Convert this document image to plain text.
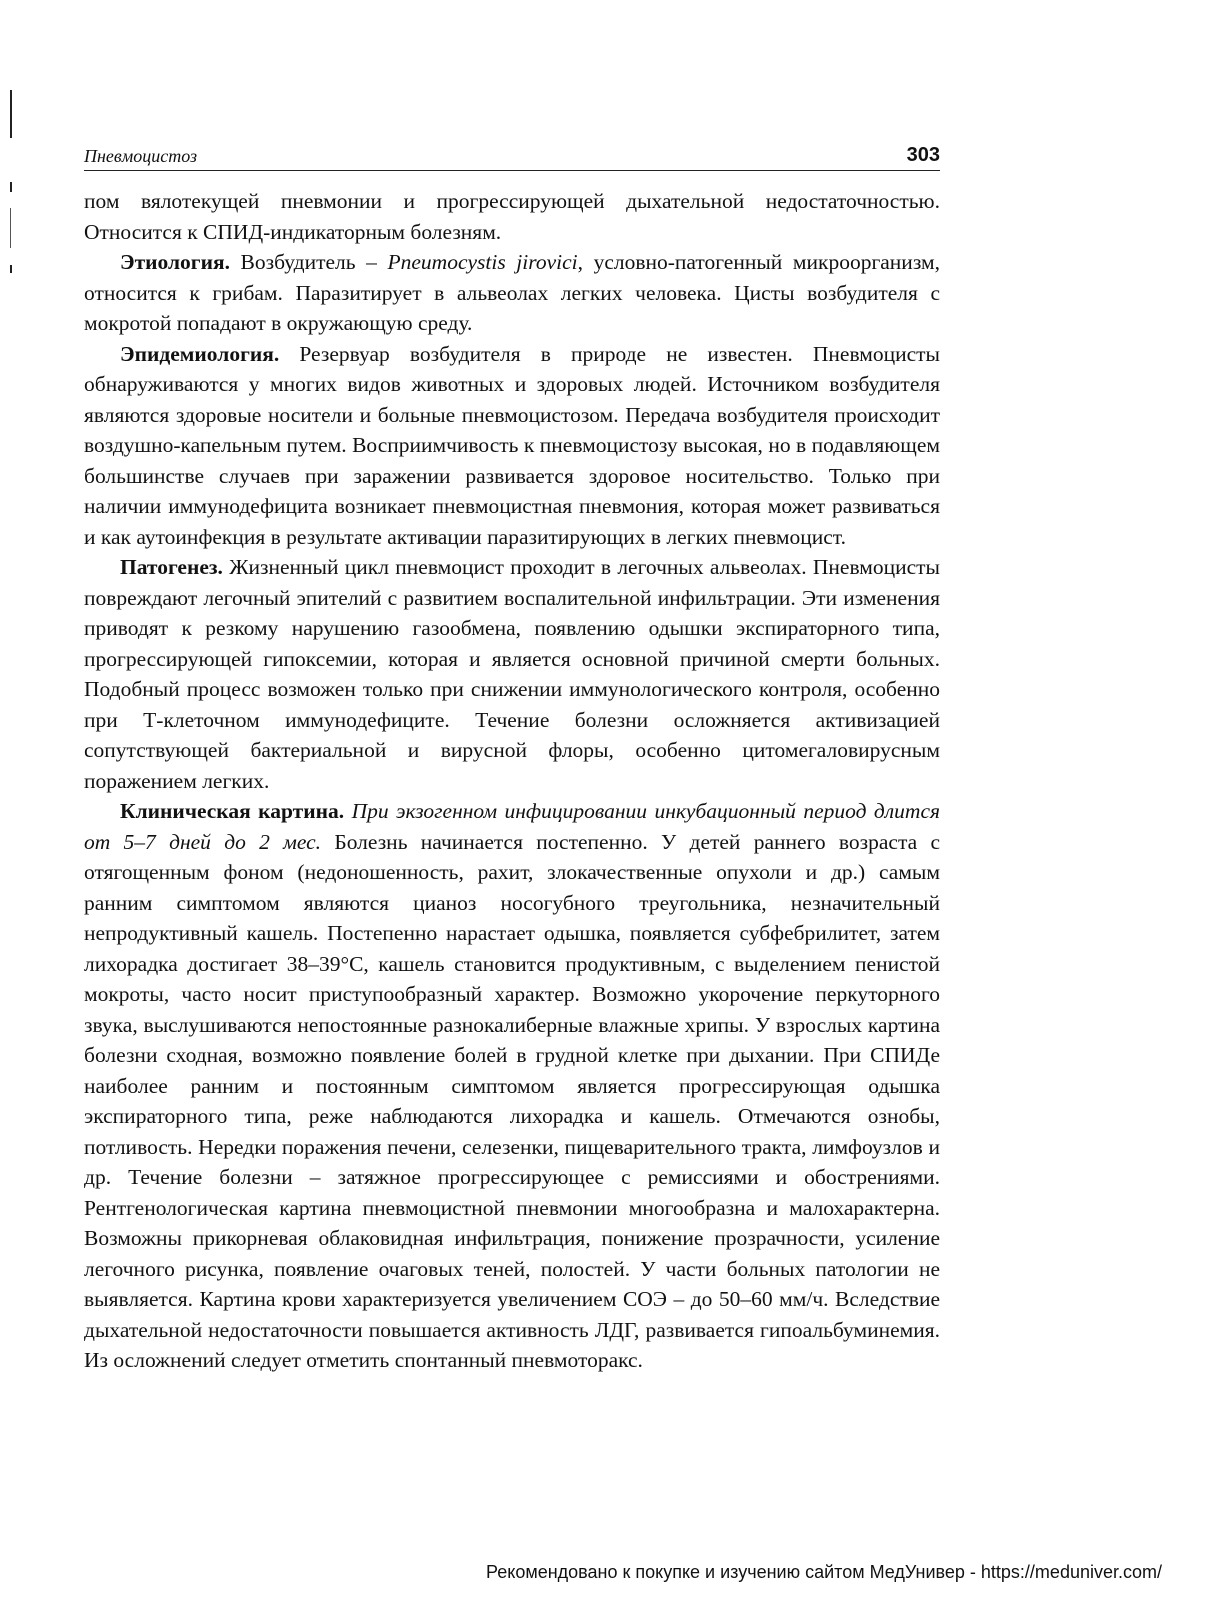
Пневмоцистоз	303

пом вялотекущей пневмонии и прогрессирующей дыхательной недостаточностью. Относится к СПИД-индикаторным болезням.

Этиология. Возбудитель – Pneumocystis jirovici, условно-патогенный микроорганизм, относится к грибам. Паразитирует в альвеолах легких человека. Цисты возбудителя с мокротой попадают в окружающую среду.

Эпидемиология. Резервуар возбудителя в природе не известен. Пневмоцисты обнаруживаются у многих видов животных и здоровых людей. Источником возбудителя являются здоровые носители и больные пневмоцистозом. Передача возбудителя происходит воздушно-капельным путем. Восприимчивость к пневмоцистозу высокая, но в подавляющем большинстве случаев при заражении развивается здоровое носительство. Только при наличии иммунодефицита возникает пневмоцистная пневмония, которая может развиваться и как аутоинфекция в результате активации паразитирующих в легких пневмоцист.

Патогенез. Жизненный цикл пневмоцист проходит в легочных альвеолах. Пневмоцисты повреждают легочный эпителий с развитием воспалительной инфильтрации. Эти изменения приводят к резкому нарушению газообмена, появлению одышки экспираторного типа, прогрессирующей гипоксемии, которая и является основной причиной смерти больных. Подобный процесс возможен только при снижении иммунологического контроля, особенно при Т-клеточном иммунодефиците. Течение болезни осложняется активизацией сопутствующей бактериальной и вирусной флоры, особенно цитомегаловирусным поражением легких.

Клиническая картина. При экзогенном инфицировании инкубационный период длится от 5–7 дней до 2 мес. Болезнь начинается постепенно. У детей раннего возраста с отягощенным фоном (недоношенность, рахит, злокачественные опухоли и др.) самым ранним симптомом являются цианоз носогубного треугольника, незначительный непродуктивный кашель. Постепенно нарастает одышка, появляется субфебрилитет, затем лихорадка достигает 38–39°С, кашель становится продуктивным, с выделением пенистой мокроты, часто носит приступообразный характер. Возможно укорочение перкуторного звука, выслушиваются непостоянные разнокалиберные влажные хрипы. У взрослых картина болезни сходная, возможно появление болей в грудной клетке при дыхании. При СПИДе наиболее ранним и постоянным симптомом является прогрессирующая одышка экспираторного типа, реже наблюдаются лихорадка и кашель. Отмечаются ознобы, потливость. Нередки поражения печени, селезенки, пищеварительного тракта, лимфоузлов и др. Течение болезни – затяжное прогрессирующее с ремиссиями и обострениями. Рентгенологическая картина пневмоцистной пневмонии многообразна и малохарактерна. Возможны прикорневая облаковидная инфильтрация, понижение прозрачности, усиление легочного рисунка, появление очаговых теней, полостей. У части больных патологии не выявляется. Картина крови характеризуется увеличением СОЭ – до 50–60 мм/ч. Вследствие дыхательной недостаточности повышается активность ЛДГ, развивается гипоальбуминемия. Из осложнений следует отметить спонтанный пневмоторакс.

Рекомендовано к покупке и изучению сайтом МедУнивер - https://meduniver.com/
